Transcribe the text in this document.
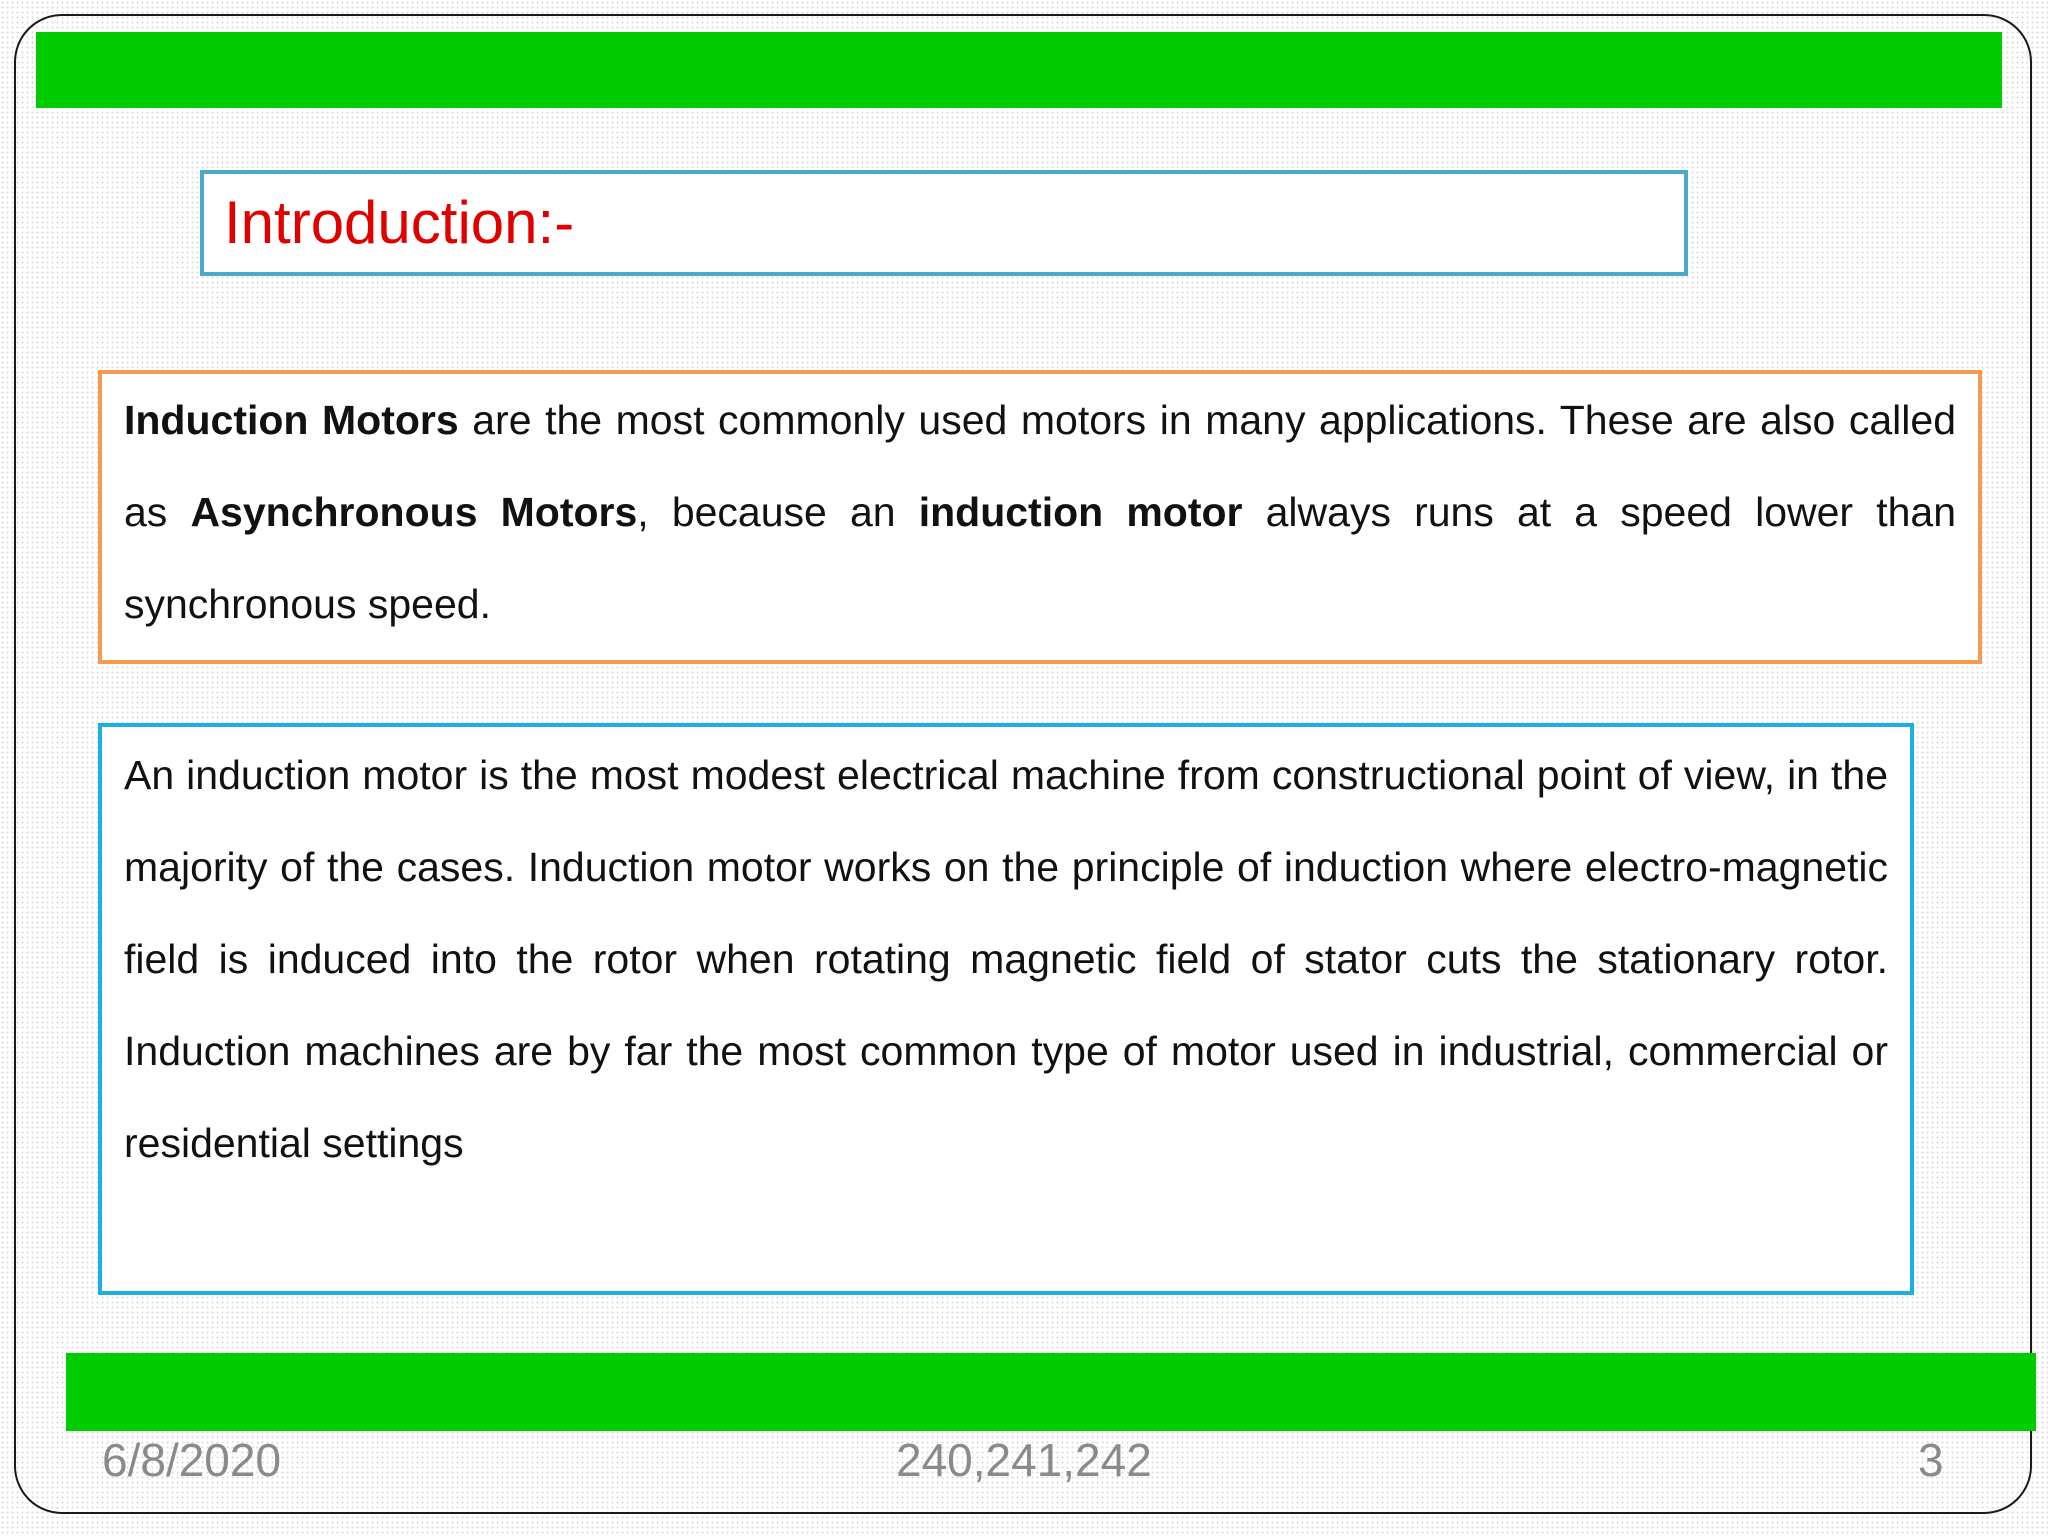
Introduction:-

Induction Motors are the most commonly used motors in many applications. These are also called as Asynchronous Motors, because an induction motor always runs at a speed lower than synchronous speed.

An induction motor is the most modest electrical machine from constructional point of view, in the majority of the cases. Induction motor works on the principle of induction where electro-magnetic field is induced into the rotor when rotating magnetic field of stator cuts the stationary rotor. Induction machines are by far the most common type of motor used in industrial, commercial or residential settings

6/8/2020	240,241,242	3
